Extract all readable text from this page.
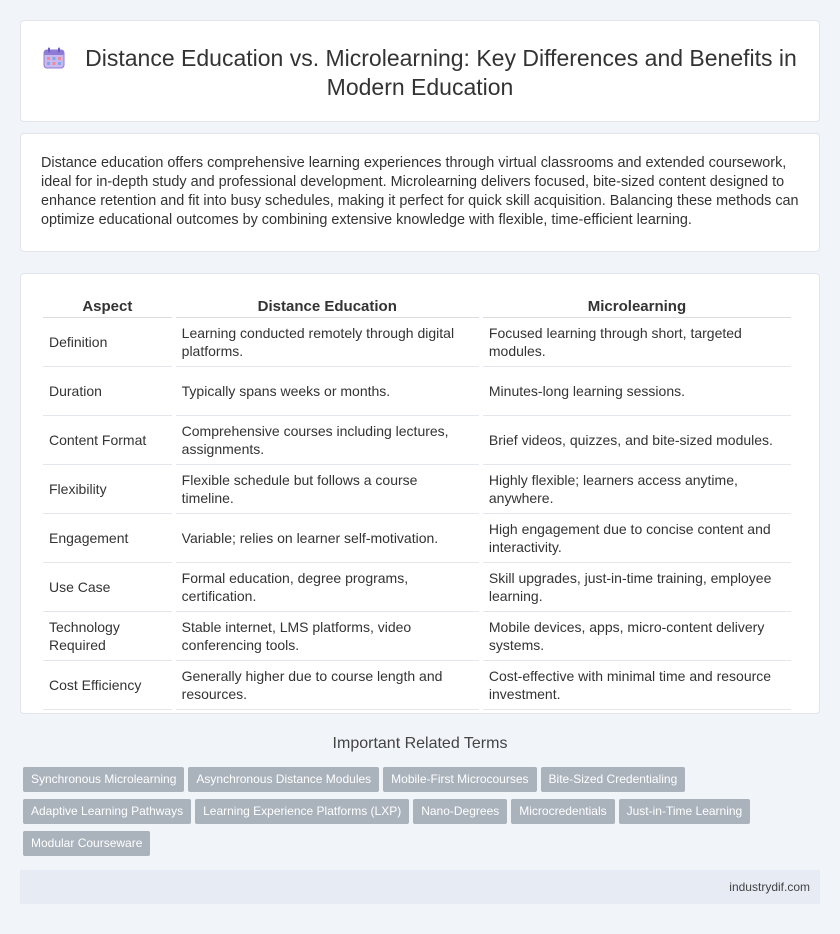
Distance Education vs. Microlearning: Key Differences and Benefits in Modern Education

Distance education offers comprehensive learning experiences through virtual classrooms and extended coursework, ideal for in-depth study and professional development. Microlearning delivers focused, bite-sized content designed to enhance retention and fit into busy schedules, making it perfect for quick skill acquisition. Balancing these methods can optimize educational outcomes by combining extensive knowledge with flexible, time-efficient learning.

Aspect	Distance Education	Microlearning
Definition	Learning conducted remotely through digital platforms.	Focused learning through short, targeted modules.
Duration	Typically spans weeks or months.	Minutes-long learning sessions.
Content Format	Comprehensive courses including lectures, assignments.	Brief videos, quizzes, and bite-sized modules.
Flexibility	Flexible schedule but follows a course timeline.	Highly flexible; learners access anytime, anywhere.
Engagement	Variable; relies on learner self-motivation.	High engagement due to concise content and interactivity.
Use Case	Formal education, degree programs, certification.	Skill upgrades, just-in-time training, employee learning.
Technology Required	Stable internet, LMS platforms, video conferencing tools.	Mobile devices, apps, micro-content delivery systems.
Cost Efficiency	Generally higher due to course length and resources.	Cost-effective with minimal time and resource investment.
Important Related Terms
Synchronous Microlearning Asynchronous Distance Modules Mobile-First Microcourses Bite-Sized CredentialingAdaptive Learning Pathways Learning Experience Platforms (LXP) Nano-Degrees Microcredentials Just-in-Time LearningModular Courseware
industrydif.com
